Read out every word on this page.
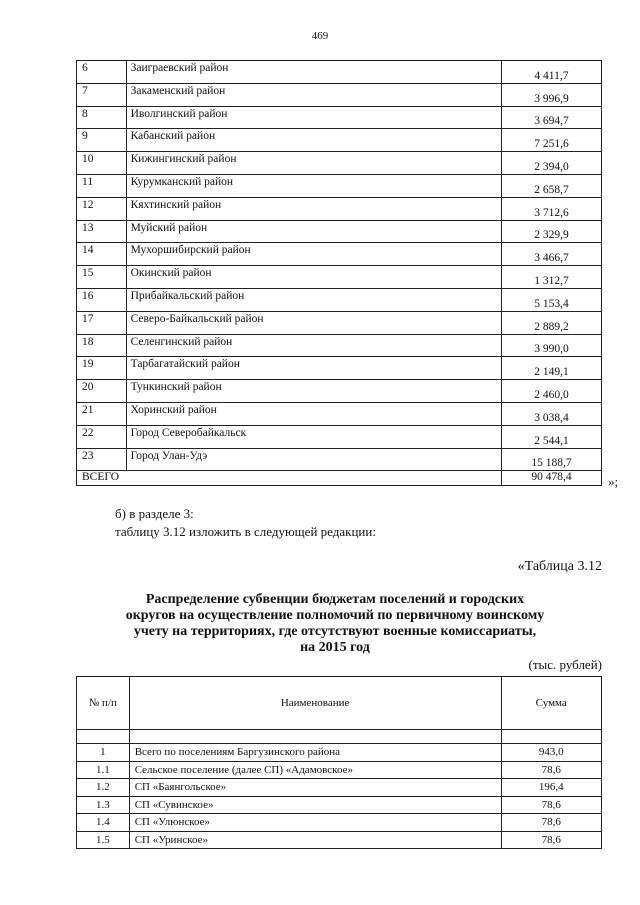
469
6	Заиграевский район	4 411,7
7	Закаменский район	3 996,9
8	Иволгинский район	3 694,7
9	Кабанский район	7 251,6
10	Кижингинский район	2 394,0
11	Курумканский район	2 658,7
12	Кяхтинский район	3 712,6
13	Муйский район	2 329,9
14	Мухоршибирский район	3 466,7
15	Окинский район	1 312,7
16	Прибайкальский район	5 153,4
17	Северо-Байкальский район	2 889,2
18	Селенгинский район	3 990,0
19	Тарбагатайский район	2 149,1
20	Тункинский район	2 460,0
21	Хоринский район	3 038,4
22	Город Северобайкальск	2 544,1
23	Город Улан-Удэ	15 188,7
ВСЕГО		90 478,4	»;
б) в разделе 3:
таблицу 3.12 изложить в следующей редакции:
«Таблица 3.12
Распределение субвенции бюджетам поселений и городских
округов на осуществление полномочий по первичному воинскому
учету на территориях, где отсутствуют военные комиссариаты,
на 2015 год
(тыс. рублей)
№ п/п	Наименование	Сумма

1	Всего по поселениям Баргузинского района	943,0
1.1	Сельское поселение (далее СП) «Адамовское»	78,6
1.2	СП «Баянгольское»	196,4
1.3	СП «Сувинское»	78,6
1.4	СП «Улюнское»	78,6
1.5	СП «Уринское»	78,6
